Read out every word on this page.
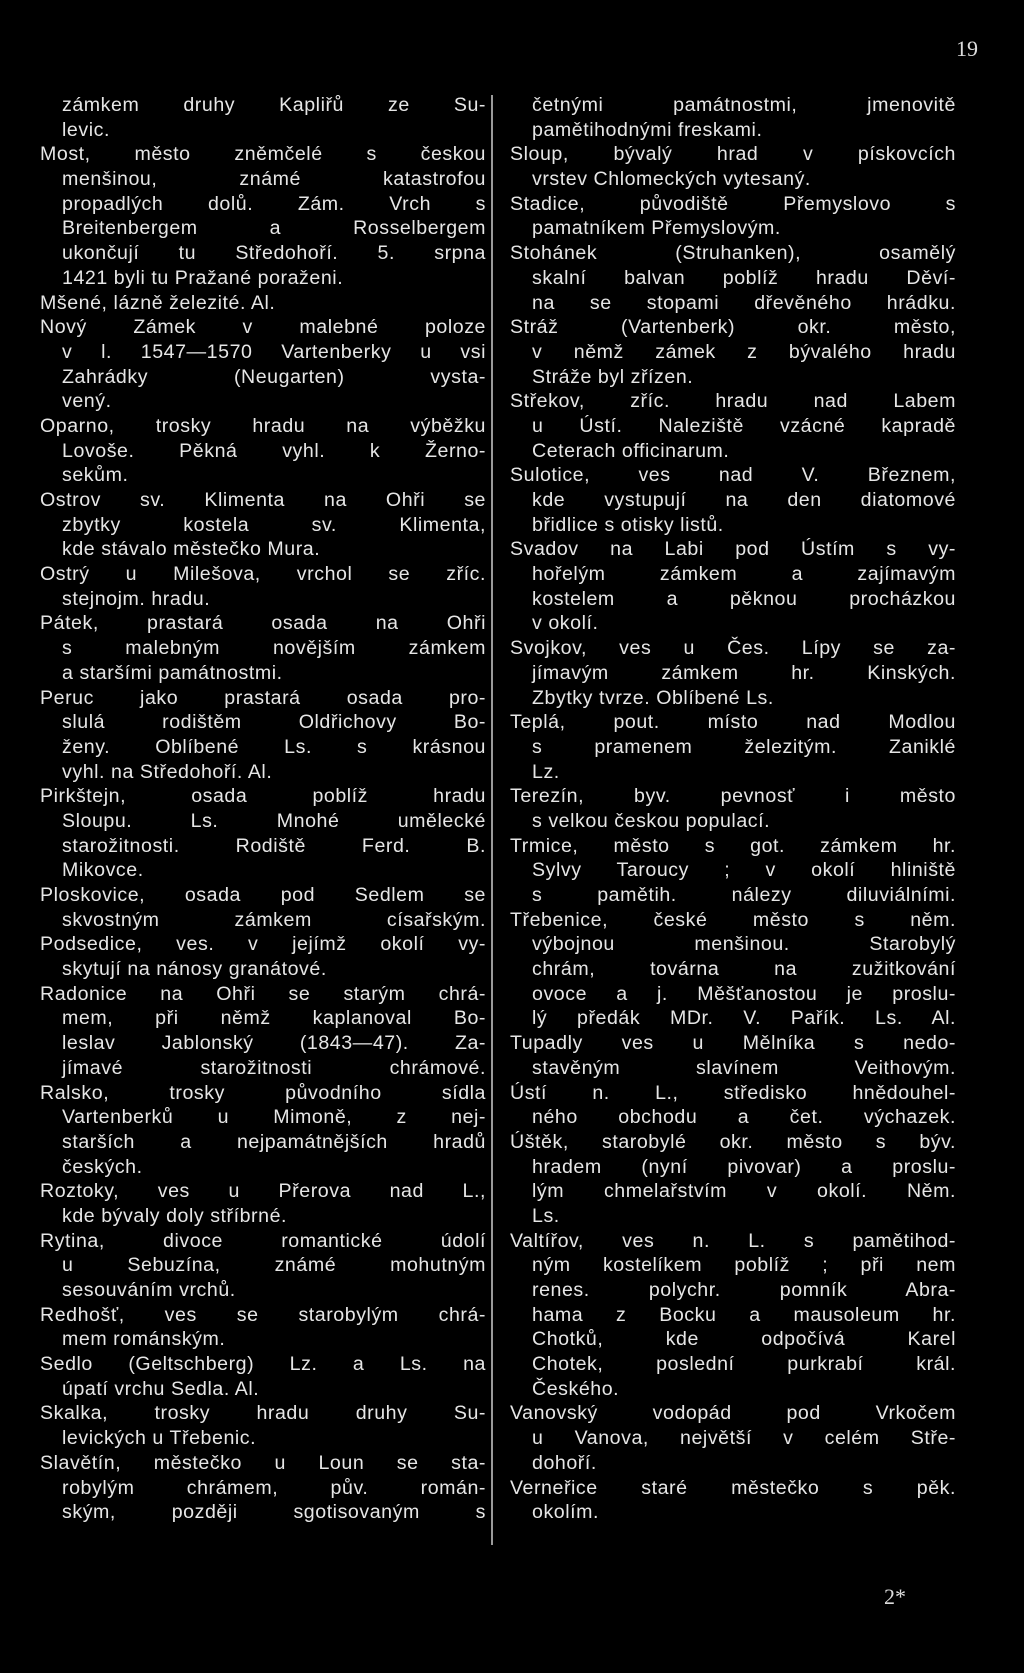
19
zámkem druhy Kapliřů ze Su-
levic.
Most, město zněmčelé s českou
menšinou, známé katastrofou
propadlých dolů. Zám. Vrch s
Breitenbergem a Rosselbergem
ukončují tu Středohoří. 5. srpna
1421 byli tu Pražané poraženi.
Mšené, lázně železité. Al.
Nový Zámek v malebné poloze
v l. 1547—1570 Vartenberky u vsi
Zahrádky (Neugarten) vysta-
vený.
Oparno, trosky hradu na výběžku
Lovoše. Pěkná vyhl. k Žerno-
sekům.
Ostrov sv. Klimenta na Ohři se
zbytky kostela sv. Klimenta,
kde stávalo městečko Mura.
Ostrý u Milešova, vrchol se zříc.
stejnojm. hradu.
Pátek, prastará osada na Ohři
s malebným novějším zámkem
a staršími památnostmi.
Peruc jako prastará osada pro-
slulá rodištěm Oldřichovy Bo-
ženy. Oblíbené Ls. s krásnou
vyhl. na Středohoří. Al.
Pirkštejn, osada poblíž hradu
Sloupu. Ls. Mnohé umělecké
starožitnosti. Rodiště Ferd. B.
Mikovce.
Ploskovice, osada pod Sedlem se
skvostným zámkem císařským.
Podsedice, ves. v jejímž okolí vy-
skytují na nánosy granátové.
Radonice na Ohři se starým chrá-
mem, při němž kaplanoval Bo-
leslav Jablonský (1843—47). Za-
jímavé starožitnosti chrámové.
Ralsko, trosky původního sídla
Vartenberků u Mimoně, z nej-
starších a nejpamátnějších hradů
českých.
Roztoky, ves u Přerova nad L.,
kde bývaly doly stříbrné.
Rytina, divoce romantické údolí
u Sebuzína, známé mohutným
sesouváním vrchů.
Redhošť, ves se starobylým chrá-
mem románským.
Sedlo (Geltschberg) Lz. a Ls. na
úpatí vrchu Sedla. Al.
Skalka, trosky hradu druhy Su-
levických u Třebenic.
Slavětín, městečko u Loun se sta-
robylým chrámem, pův. román-
ským, později sgotisovaným s
četnými památnostmi, jmenovitě
pamětihodnými freskami.
Sloup, bývalý hrad v pískovcích
vrstev Chlomeckých vytesaný.
Stadice, původiště Přemyslovo s
pamatníkem Přemyslovým.
Stohánek (Struhanken), osamělý
skalní balvan poblíž hradu Děví-
na se stopami dřevěného hrádku.
Stráž (Vartenberk) okr. město,
v němž zámek z bývalého hradu
Stráže byl zřízen.
Střekov, zříc. hradu nad Labem
u Ústí. Naleziště vzácné kapradě
Ceterach officinarum.
Sulotice, ves nad V. Březnem,
kde vystupují na den diatomové
břidlice s otisky listů.
Svadov na Labi pod Ústím s vy-
hořelým zámkem a zajímavým
kostelem a pěknou procházkou
v okolí.
Svojkov, ves u Čes. Lípy se za-
jímavým zámkem hr. Kinských.
Zbytky tvrze. Oblíbené Ls.
Teplá, pout. místo nad Modlou
s pramenem železitým. Zaniklé
Lz.
Terezín, byv. pevnosť i město
s velkou českou populací.
Trmice, město s got. zámkem hr.
Sylvy Taroucy ; v okolí hliniště
s pamětih. nálezy diluviálními.
Třebenice, české město s něm.
výbojnou menšinou. Starobylý
chrám, továrna na zužitkování
ovoce a j. Měšťanostou je proslu-
lý předák MDr. V. Pařík. Ls. Al.
Tupadly ves u Mělníka s nedo-
stavěným slavínem Veithovým.
Ústí n. L., středisko hnědouhel-
ného obchodu a čet. výchazek.
Úštěk, starobylé okr. město s býv.
hradem (nyní pivovar) a proslu-
lým chmelařstvím v okolí. Něm.
Ls.
Valtířov, ves n. L. s pamětihod-
ným kostelíkem poblíž ; při nem
renes. polychr. pomník Abra-
hama z Bocku a mausoleum hr.
Chotků, kde odpočívá Karel
Chotek, poslední purkrabí král.
Českého.
Vanovský vodopád pod Vrkočem
u Vanova, největší v celém Stře-
dohoří.
Verneřice staré městečko s pěk.
okolím.
2*
